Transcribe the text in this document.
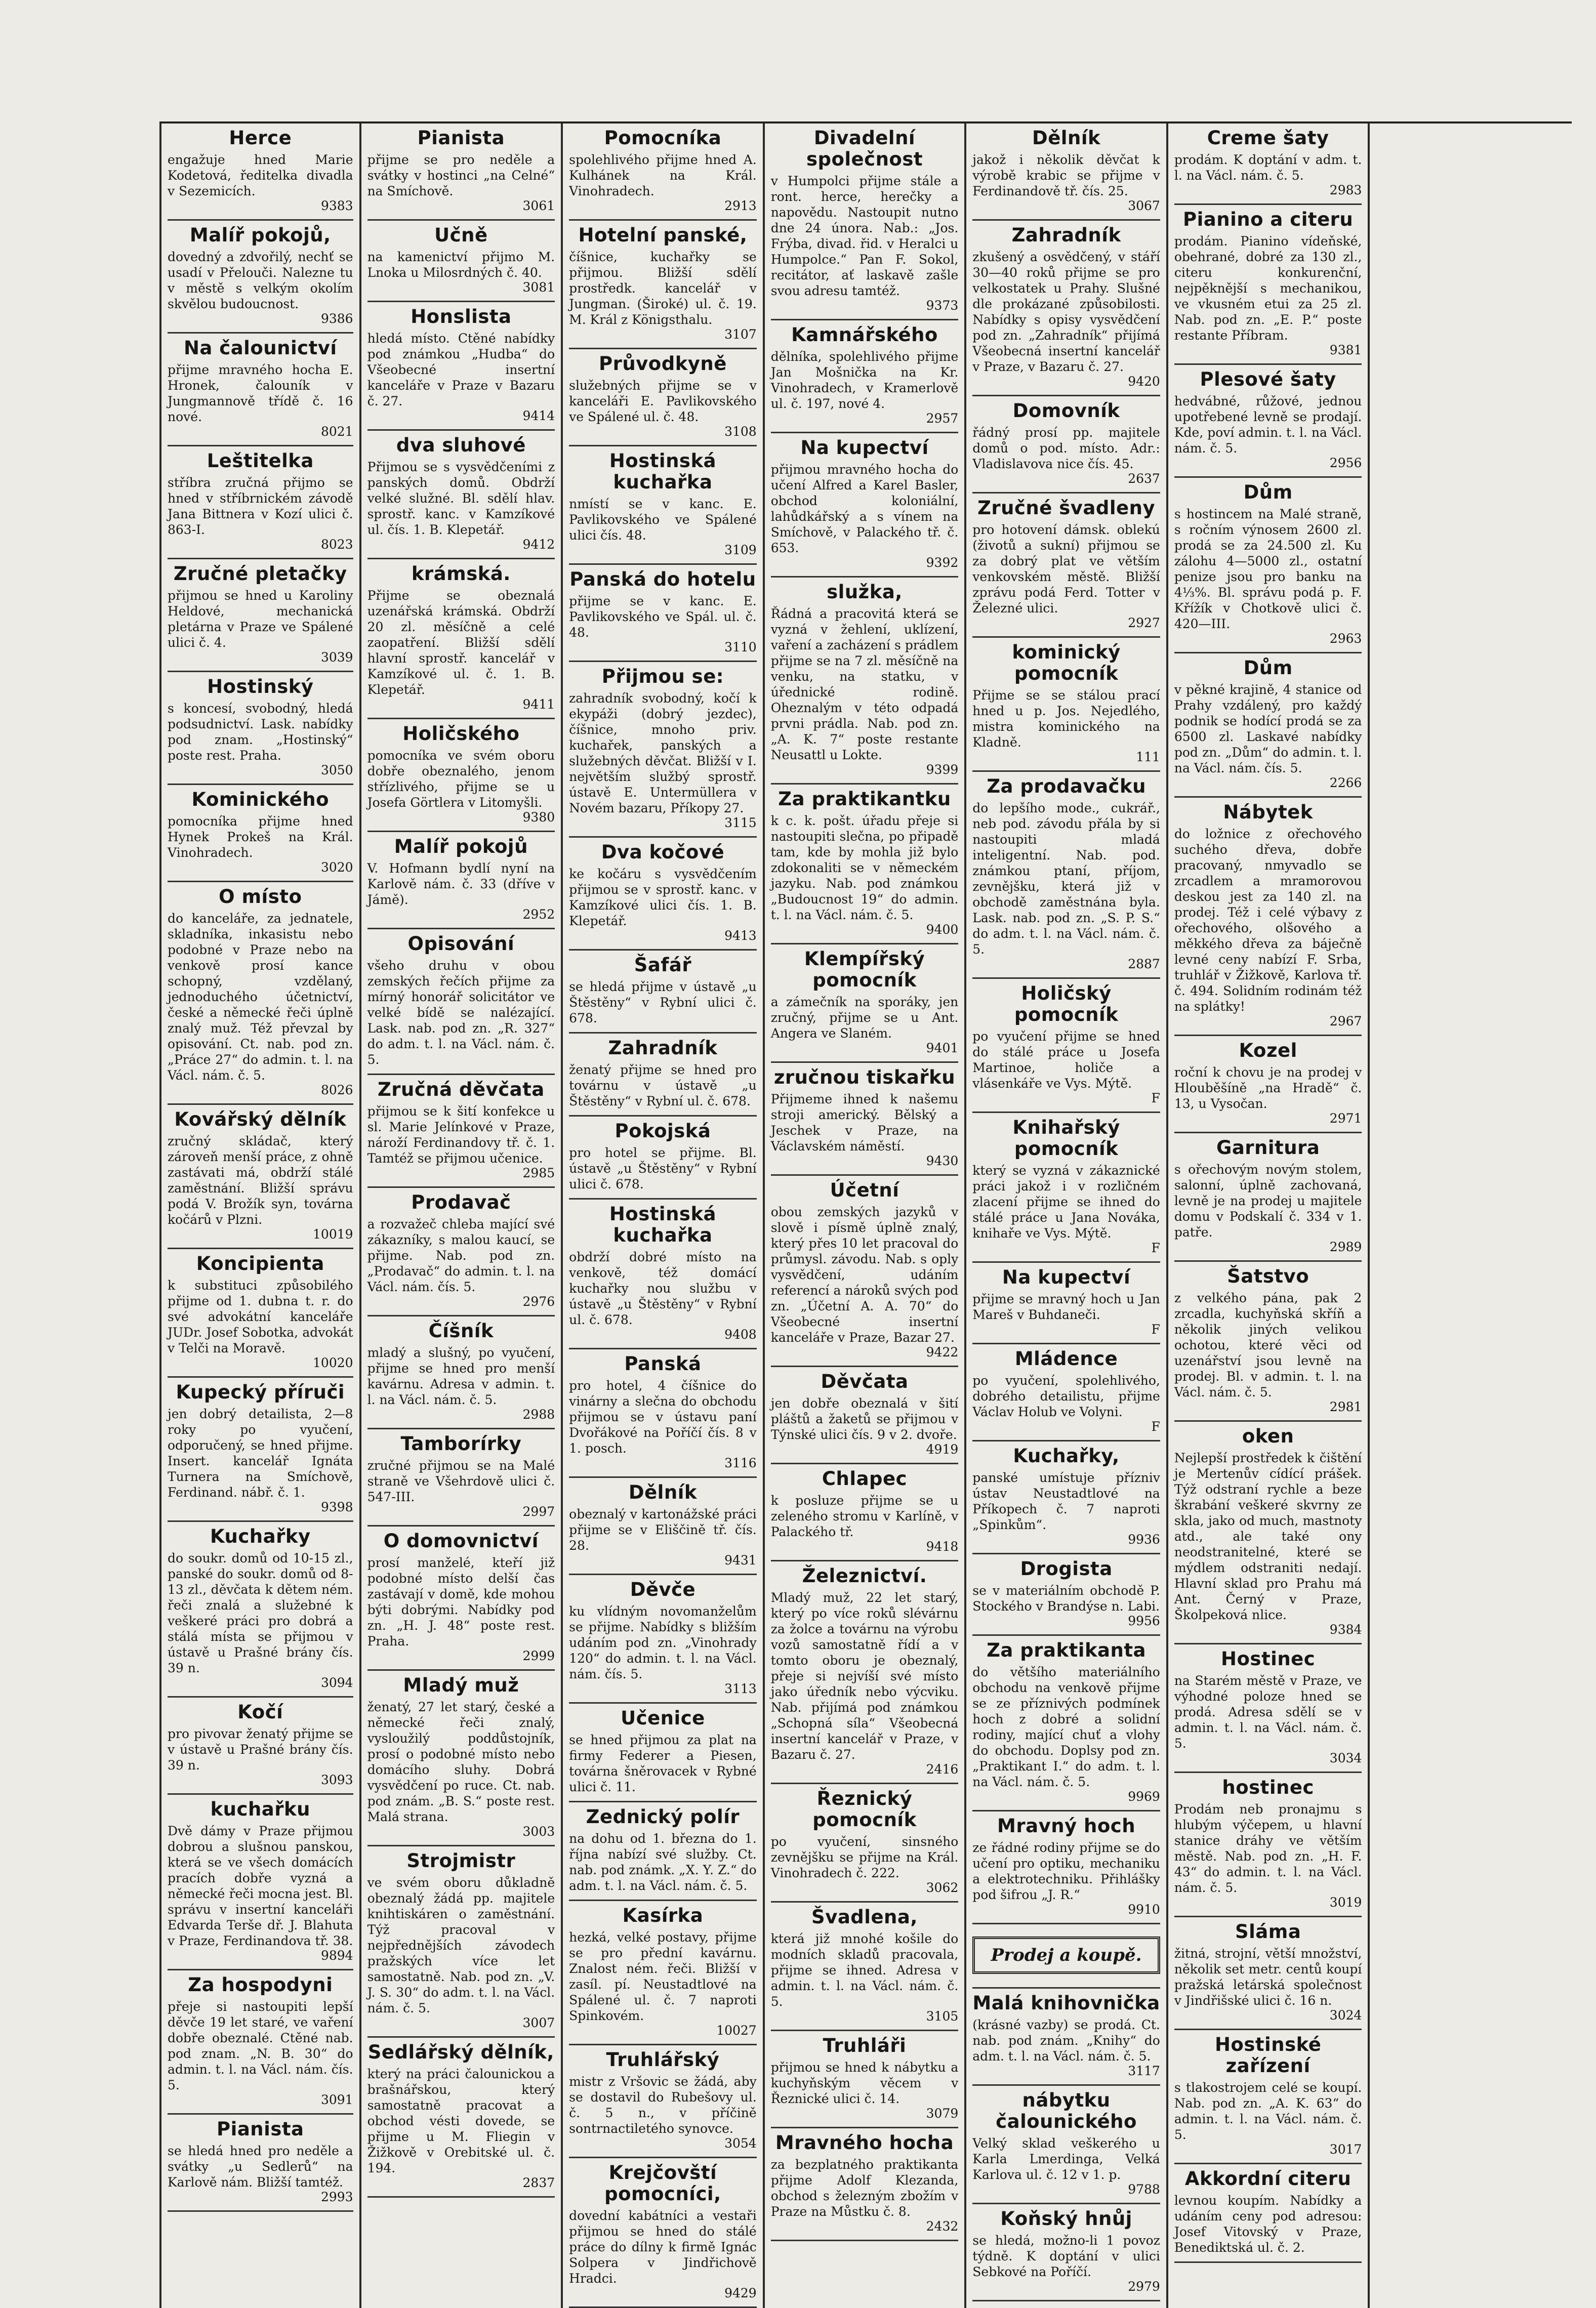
Herce

engažuje hned Marie Kodetová, ředitelka divadla v Sezemicích.

9383
Malíř pokojů,

dovedný a zdvořilý, nechť se usadí v Přelouči. Nalezne tu v městě s velkým okolím skvělou budoucnost.

9386
Na čalounictví

přijme mravného hocha E. Hronek, čalouník v Jungmannově třídě č. 16 nové.

8021
Leštitelka

stříbra zručná přijmo se hned v stříbrnickém závodě Jana Bittnera v Kozí ulici č. 863-I.

8023
Zručné pletačky

přijmou se hned u Karoliny Heldové, mechanická pletárna v Praze ve Spálené ulici č. 4.

3039
Hostinský

s koncesí, svobodný, hledá podsudnictví. Lask. nabídky pod znam. „Hostinský“ poste rest. Praha.

3050
Kominického

pomocníka přijme hned Hynek Prokeš na Král. Vinohradech.

3020
O místo

do kanceláře, za jednatele, skladníka, inkasistu nebo podobné v Praze nebo na venkově prosí kance schopný, vzdělaný, jednoduchého účetnictví, české a německé řeči úplně znalý muž. Též převzal by opisování. Ct. nab. pod zn. „Práce 27“ do admin. t. l. na Václ. nám. č. 5.

8026
Kovářský dělník

zručný skládač, který zároveň menší práce, z ohně zastávati má, obdrží stálé zaměstnání. Bližší správu podá V. Brožík syn, továrna kočárů v Plzni.

10019
Koncipienta

k substituci způsobilého přijme od 1. dubna t. r. do své advokátní kanceláře JUDr. Josef Sobotka, advokát v Telči na Moravě.

10020
Kupecký příruči

jen dobrý detailista, 2—8 roky po vyučení, odporučený, se hned přijme. Insert. kancelář Ignáta Turnera na Smíchově, Ferdinand. nábř. č. 1.

9398
Kuchařky

do soukr. domů od 10-15 zl., panské do soukr. domů od 8-13 zl., děvčata k dětem ném. řeči znalá a služebné k veškeré práci pro dobrá a stálá místa se přijmou v ústavě u Prašné brány čís. 39 n.

3094
Kočí

pro pivovar ženatý přijme se v ústavě u Prašné brány čís. 39 n.

3093
kuchařku

Dvě dámy v Praze přijmou dobrou a slušnou panskou, která se ve všech domácích pracích dobře vyzná a německé řeči mocna jest. Bl. správu v insertní kanceláři Edvarda Terše dř. J. Blahuta v Praze, Ferdinandova tř. 38.

9894
Za hospodyni

přeje si nastoupiti lepší děvče 19 let staré, ve vaření dobře obeznalé. Ctěné nab. pod znam. „N. B. 30“ do admin. t. l. na Václ. nám. čís. 5.

3091
Pianista

se hledá hned pro neděle a svátky „u Sedlerů“ na Karlově nám. Bližší tamtéž.

2993
Pianista

přijme se pro neděle a svátky v hostinci „na Celné“ na Smíchově.

3061
Učně

na kamenictví přijmo M. Lnoka u Milosrdných č. 40.

3081
Honslista

hledá místo. Ctěné nabídky pod známkou „Hudba“ do Všeobecné insertní kanceláře v Praze v Bazaru č. 27.

9414
dva sluhové

Přijmou se s vysvědčeními z panských domů. Obdrží velké služné. Bl. sdělí hlav. sprostř. kanc. v Kamzíkové ul. čís. 1. B. Klepetář.

9412
krámská.

Přijme se obeznalá uzenářská krámská. Obdrží 20 zl. měsíčně a celé zaopatření. Bližší sdělí hlavní sprostř. kancelář v Kamzíkové ul. č. 1. B. Klepetář.

9411
Holičského

pomocníka ve svém oboru dobře obeznalého, jenom střízlivého, přijme se u Josefa Görtlera v Litomyšli.

9380
Malíř pokojů

V. Hofmann bydlí nyní na Karlově nám. č. 33 (dříve v Jámě).

2952
Opisování

všeho druhu v obou zemských řečích přijme za mírný honorář solicitátor ve velké bídě se nalézající. Lask. nab. pod zn. „R. 327“ do adm. t. l. na Václ. nám. č. 5.

Zručná děvčata

přijmou se k šití konfekce u sl. Marie Jelínkové v Praze, nároží Ferdinandovy tř. č. 1. Tamtéž se přijmou učenice.

2985
Prodavač

a rozvažeč chleba mající své zákazníky, s malou kaucí, se přijme. Nab. pod zn. „Prodavač“ do admin. t. l. na Václ. nám. čís. 5.

2976
Číšník

mladý a slušný, po vyučení, přijme se hned pro menší kavárnu. Adresa v admin. t. l. na Václ. nám. č. 5.

2988
Tamborírky

zručné přijmou se na Malé straně ve Všehrdově ulici č. 547-III.

2997
O domovnictví

prosí manželé, kteří již podobné místo delší čas zastávají v domě, kde mohou býti dobrými. Nabídky pod zn. „H. J. 48“ poste rest. Praha.

2999
Mladý muž

ženatý, 27 let starý, české a německé řeči znalý, vysloužilý poddůstojník, prosí o podobné místo nebo domácího sluhy. Dobrá vysvědčení po ruce. Ct. nab. pod znám. „B. S.“ poste rest. Malá strana.

3003
Strojmistr

ve svém oboru důkladně obeznalý žádá pp. majitele knihtiskáren o zaměstnání. Týž pracoval v nejpřednějších závodech pražských více let samostatně. Nab. pod zn. „V. J. S. 30“ do adm. t. l. na Václ. nám. č. 5.

3007
Sedlářský dělník,

který na práci čalounickou a brašnářskou, který samostatně pracovat a obchod vésti dovede, se přijme u M. Fliegin v Žižkově v Orebitské ul. č. 194.

2837
Pomocníka

spolehlivého přijme hned A. Kulhánek na Král. Vinohradech.

2913
Hotelní panské,

číšnice, kuchařky se přijmou. Bližší sdělí prostředk. kancelář v Jungman. (Široké) ul. č. 19. M. Král z Königsthalu.

3107
Průvodkyně

služebných přijme se v kanceláři E. Pavlikovského ve Spálené ul. č. 48.

3108
Hostinská kuchařka

nmístí se v kanc. E. Pavlikovského ve Spálené ulici čís. 48.

3109
Panská do hotelu

přijme se v kanc. E. Pavlikovského ve Spál. ul. č. 48.

3110
Přijmou se:

zahradník svobodný, kočí k ekypáži (dobrý jezdec), číšnice, mnoho priv. kuchařek, panských a služebných děvčat. Bližší v I. největším službý sprostř. ústavě E. Untermüllera v Novém bazaru, Příkopy 27.

3115
Dva kočové

ke kočáru s vysvědčením přijmou se v sprostř. kanc. v Kamzíkové ulici čís. 1. B. Klepetář.

9413
Šafář

se hledá přijme v ústavě „u Štěstěny“ v Rybní ulici č. 678.

Zahradník

ženatý přijme se hned pro továrnu v ústavě „u Štěstěny“ v Rybní ul. č. 678.

Pokojská

pro hotel se přijme. Bl. ústavě „u Štěstěny“ v Rybní ulici č. 678.

Hostinská kuchařka

obdrží dobré místo na venkově, též domácí kuchařky nou službu v ústavě „u Štěstěny“ v Rybní ul. č. 678.

9408
Panská

pro hotel, 4 číšnice do vinárny a slečna do obchodu přijmou se v ústavu paní Dvořákové na Poříčí čís. 8 v 1. posch.

3116
Dělník

obeznalý v kartonážské práci přijme se v Eliščině tř. čís. 28.

9431
Děvče

ku vlídným novomanželům se přijme. Nabídky s bližším udáním pod zn. „Vinohrady 120“ do admin. t. l. na Václ. nám. čís. 5.

3113
Učenice

se hned přijmou za plat na firmy Federer a Piesen, továrna šněrovacek v Rybné ulici č. 11.

Zednický polír

na dohu od 1. března do 1. října nabízí své služby. Ct. nab. pod známk. „X. Y. Z.“ do adm. t. l. na Václ. nám. č. 5.

Kasírka

hezká, velké postavy, přijme se pro přední kavárnu. Znalost ném. řeči. Bližší v zasíl. pí. Neustadtlové na Spálené ul. č. 7 naproti Spinkovém.

10027
Truhlářský

mistr z Vršovic se žádá, aby se dostavil do Rubešovy ul. č. 5 n., v příčině sontrnactiletého synovce.

3054
Krejčovští pomocníci,

dovední kabátníci a vestaři přijmou se hned do stálé práce do dílny k firmě Ignác Solpera v Jindřichově Hradci.

9429
Divadelní společnost

v Humpolci přijme stále a ront. herce, herečky a napovědu. Nastoupit nutno dne 24 února. Nab.: „Jos. Frýba, divad. řid. v Heralci u Humpolce.“ Pan F. Sokol, recitátor, ať laskavě zašle svou adresu tamtéž.

9373
Kamnářského

dělníka, spolehlivého přijme Jan Mošnička na Kr. Vinohradech, v Kramerlově ul. č. 197, nové 4.

2957
Na kupectví

přijmou mravného hocha do učení Alfred a Karel Basler, obchod koloniální, lahůdkářský a s vínem na Smíchově, v Palackého tř. č. 653.

9392
služka,

Řádná a pracovitá která se vyzná v žehlení, uklízení, vaření a zacházení s prádlem přijme se na 7 zl. měsíčně na venku, na statku, v úřednické rodině. Oheznalým v této odpadá prvni prádla. Nab. pod zn. „A. K. 7“ poste restante Neusattl u Lokte.

9399
Za praktikantku

k c. k. pošt. úřadu přeje si nastoupiti slečna, po připadě tam, kde by mohla již bylo zdokonaliti se v německém jazyku. Nab. pod známkou „Budoucnost 19“ do admin. t. l. na Václ. nám. č. 5.

9400
Klempířský pomocník

a zámečník na sporáky, jen zručný, přijme se u Ant. Angera ve Slaném.

9401
zručnou tiskařku

Přijmeme ihned k našemu stroji americký. Bělský a Jeschek v Praze, na Václavském náměstí.

9430
Účetní

obou zemských jazyků v slově i písmě úplně znalý, který přes 10 let pracoval do průmysl. závodu. Nab. s oply vysvědčení, udáním referencí a nároků svých pod zn. „Účetní A. A. 70“ do Všeobecné insertní kanceláře v Praze, Bazar 27.

9422
Děvčata

jen dobře obeznalá v šití pláštů a žaketů se přijmou v Týnské ulici čís. 9 v 2. dvoře.

4919
Chlapec

k posluze přijme se u zeleného stromu v Karlíně, v Palackého tř.

9418
Železnictví.

Mladý muž, 22 let starý, který po více roků slévárnu za žolce a továrnu na výrobu vozů samostatně řídí a v tomto oboru je obeznalý, přeje si nejvíší své místo jako úředník nebo výcviku. Nab. přijímá pod známkou „Schopná síla“ Všeobecná insertní kancelář v Praze, v Bazaru č. 27.

2416
Řeznický pomocník

po vyučení, sinsného zevnějšku se přijme na Král. Vinohradech č. 222.

3062
Švadlena,

která již mnohé košile do modních skladů pracovala, přijme se ihned. Adresa v admin. t. l. na Václ. nám. č. 5.

3105
Truhláři

přijmou se hned k nábytku a kuchyňským věcem v Řeznické ulici č. 14.

3079
Mravného hocha

za bezplatného praktikanta přijme Adolf Klezanda, obchod s železným zbožím v Praze na Můstku č. 8.

2432
Dělník

jakož i několik děvčat k výrobě krabic se přijme v Ferdinandově tř. čís. 25.

3067
Zahradník

zkušený a osvědčený, v stáří 30—40 roků přijme se pro velkostatek u Prahy. Slušné dle prokázané způsobilosti. Nabídky s opisy vysvědčení pod zn. „Zahradník“ přijímá Všeobecná insertní kancelář v Praze, v Bazaru č. 27.

9420
Domovník

řádný prosí pp. majitele domů o pod. místo. Adr.: Vladislavova nice čís. 45.

2637
Zručné švadleny

pro hotovení dámsk. oblekú (životů a sukní) přijmou se za dobrý plat ve větším venkovském městě. Bližší zprávu podá Ferd. Totter v Železné ulici.

2927
kominický pomocník

Přijme se se stálou prací hned u p. Jos. Nejedlého, mistra kominického na Kladně.

111
Za prodavačku

do lepšího mode., cukrář., neb pod. závodu přála by si nastoupiti mladá inteligentní. Nab. pod. známkou ptaní, příjom, zevnějšku, která již v obchodě zaměstnána byla. Lask. nab. pod zn. „S. P. S.“ do adm. t. l. na Václ. nám. č. 5.

2887
Holičský pomocník

po vyučení přijme se hned do stálé práce u Josefa Martinoe, holiče a vlásenkáře ve Vys. Mýtě.

F
Knihařský pomocník

který se vyzná v zákaznické práci jakož i v rozličném zlacení přijme se ihned do stálé práce u Jana Nováka, knihaře ve Vys. Mýtě.

F
Na kupectví

přijme se mravný hoch u Jan Mareš v Buhdaneči.

F
Mládence

po vyučení, spolehlivého, dobrého detailistu, přijme Václav Holub ve Volyni.

F
Kuchařky,

panské umístuje přízniv ústav Neustadtlové na Příkopech č. 7 naproti „Spinkům“.

9936
Drogista

se v materiálním obchodě P. Stockého v Brandýse n. Labi.

9956
Za praktikanta

do většího materiálního obchodu na venkově přijme se ze příznivých podmínek hoch z dobré a solidní rodiny, mající chuť a vlohy do obchodu. Doplsy pod zn. „Praktikant I.“ do adm. t. l. na Václ. nám. č. 5.

9969
Mravný hoch

ze řádné rodiny přijme se do učení pro optiku, mechaniku a elektrotechniku. Přihlášky pod šifrou „J. R.“

9910
Prodej a koupě.
Malá knihovnička

(krásné vazby) se prodá. Ct. nab. pod znám. „Knihy“ do adm. t. l. na Václ. nám. č. 5.

3117
nábytku čalounického

Velký sklad veškerého u Karla Lmerdinga, Velká Karlova ul. č. 12 v 1. p.

9788
Koňský hnůj

se hledá, možno-li 1 povoz týdně. K doptání v ulici Sebkové na Poříčí.

2979
Creme šaty

prodám. K doptání v adm. t. l. na Václ. nám. č. 5.

2983
Pianino a citeru

prodám. Pianino vídeňské, obehrané, dobré za 130 zl., citeru konkurenční, nejpěknější s mechanikou, ve vkusném etui za 25 zl. Nab. pod zn. „E. P.“ poste restante Příbram.

9381
Plesové šaty

hedvábné, růžové, jednou upotřebené levně se prodají. Kde, poví admin. t. l. na Václ. nám. č. 5.

2956
Dům

s hostincem na Malé straně, s ročním výnosem 2600 zl. prodá se za 24.500 zl. Ku zálohu 4—5000 zl., ostatní penize jsou pro banku na 4⅓%. Bl. správu podá p. F. Křížík v Chotkově ulici č. 420—III.

2963
Dům

v pěkné krajině, 4 stanice od Prahy vzdálený, pro každý podnik se hodící prodá se za 6500 zl. Laskavé nabídky pod zn. „Dům“ do admin. t. l. na Václ. nám. čís. 5.

2266
Nábytek

do ložnice z ořechového suchého dřeva, dobře pracovaný, nmyvadlo se zrcadlem a mramorovou deskou jest za 140 zl. na prodej. Též i celé výbavy z ořechového, olšového a měkkého dřeva za báječně levné ceny nabízí F. Srba, truhlář v Žižkově, Karlova tř. č. 494. Solidním rodinám též na splátky!

2967
Kozel

roční k chovu je na prodej v Hlouběšíně „na Hradě“ č. 13, u Vysočan.

2971
Garnitura

s ořechovým novým stolem, salonní, úplně zachovaná, levně je na prodej u majitele domu v Podskalí č. 334 v 1. patře.

2989
Šatstvo

z velkého pána, pak 2 zrcadla, kuchyňská skříň a několik jiných velikou ochotou, které věci od uzenářství jsou levně na prodej. Bl. v admin. t. l. na Václ. nám. č. 5.

2981
oken

Nejlepší prostředek k čištění je Mertenův cídící prášek. Týž odstraní rychle a beze škrabání veškeré skvrny ze skla, jako od much, mastnoty atd., ale také ony neodstranitelné, které se mýdlem odstraniti nedají. Hlavní sklad pro Prahu má Ant. Černý v Praze, Školpeková nlice.

9384
Hostinec

na Starém městě v Praze, ve výhodné poloze hned se prodá. Adresa sdělí se v admin. t. l. na Václ. nám. č. 5.

3034
hostinec

Prodám neb pronajmu s hlubým výčepem, u hlavní stanice dráhy ve větším městě. Nab. pod zn. „H. F. 43“ do admin. t. l. na Václ. nám. č. 5.

3019
Sláma

žitná, strojní, větší množství, několik set metr. centů koupí pražská letárská společnost v Jindřišské ulici č. 16 n.

3024
Hostinské zařízení

s tlakostrojem celé se koupí. Nab. pod zn. „A. K. 63“ do admin. t. l. na Václ. nám. č. 5.

3017
Akkordní citeru

levnou koupím. Nabídky a udáním ceny pod adresou: Josef Vitovský v Praze, Benediktská ul. č. 2.
